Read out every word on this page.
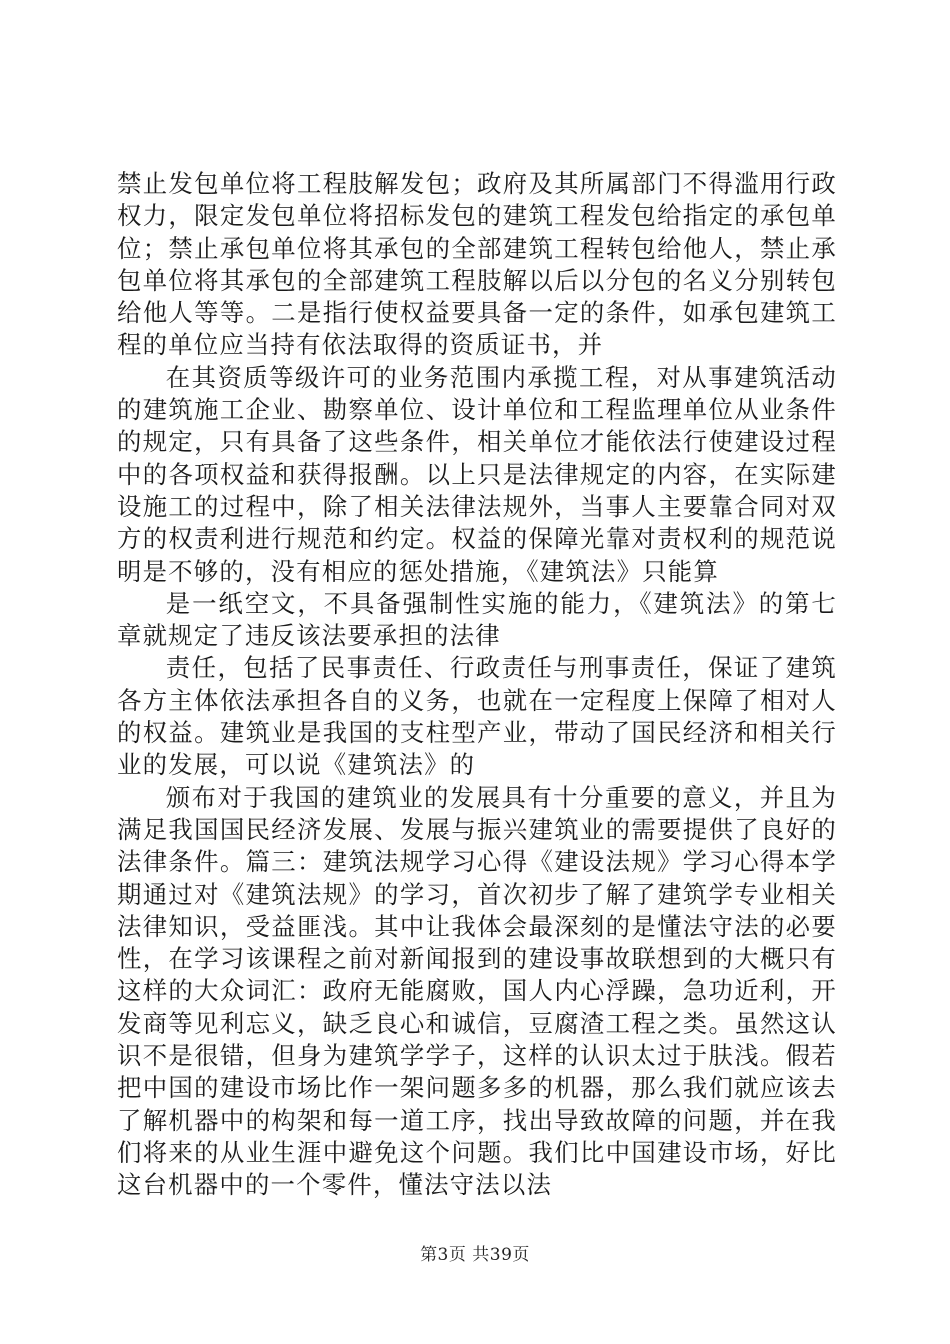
禁止发包单位将工程肢解发包；政府及其所属部门不得滥用行政权力，限定发包单位将招标发包的建筑工程发包给指定的承包单位；禁止承包单位将其承包的全部建筑工程转包给他人，禁止承包单位将其承包的全部建筑工程肢解以后以分包的名义分别转包给他人等等。二是指行使权益要具备一定的条件，如承包建筑工程的单位应当持有依法取得的资质证书，并

在其资质等级许可的业务范围内承揽工程，对从事建筑活动的建筑施工企业、勘察单位、设计单位和工程监理单位从业条件的规定，只有具备了这些条件，相关单位才能依法行使建设过程中的各项权益和获得报酬。以上只是法律规定的内容，在实际建设施工的过程中，除了相关法律法规外，当事人主要靠合同对双方的权责利进行规范和约定。权益的保障光靠对责权利的规范说明是不够的，没有相应的惩处措施，《建筑法》只能算

是一纸空文，不具备强制性实施的能力，《建筑法》的第七章就规定了违反该法要承担的法律

责任，包括了民事责任、行政责任与刑事责任，保证了建筑各方主体依法承担各自的义务，也就在一定程度上保障了相对人的权益。建筑业是我国的支柱型产业，带动了国民经济和相关行业的发展，可以说《建筑法》的

颁布对于我国的建筑业的发展具有十分重要的意义，并且为满足我国国民经济发展、发展与振兴建筑业的需要提供了良好的法律条件。篇三：建筑法规学习心得《建设法规》学习心得本学期通过对《建筑法规》的学习，首次初步了解了建筑学专业相关法律知识，受益匪浅。其中让我体会最深刻的是懂法守法的必要性，在学习该课程之前对新闻报到的建设事故联想到的大概只有这样的大众词汇：政府无能腐败，国人内心浮躁，急功近利，开发商等见利忘义，缺乏良心和诚信，豆腐渣工程之类。虽然这认识不是很错，但身为建筑学学子，这样的认识太过于肤浅。假若把中国的建设市场比作一架问题多多的机器，那么我们就应该去了解机器中的构架和每一道工序，找出导致故障的问题，并在我们将来的从业生涯中避免这个问题。我们比中国建设市场，好比这台机器中的一个零件，懂法守法以法

第3页 共39页
